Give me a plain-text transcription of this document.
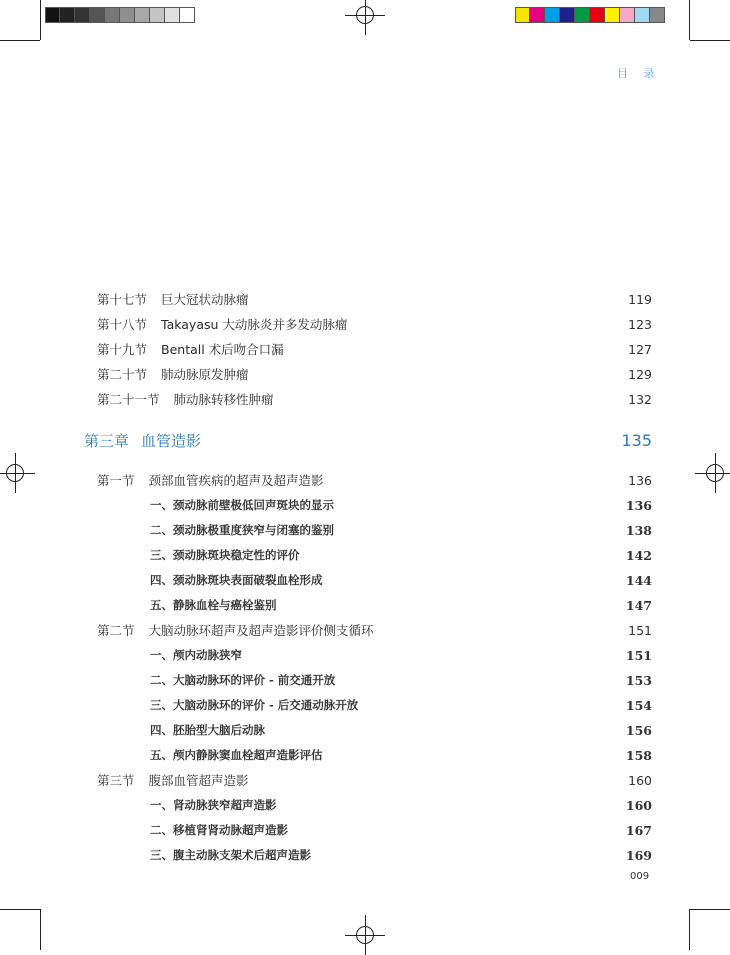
目 录
第十七节 巨大冠状动脉瘤	119
第十八节 Takayasu 大动脉炎并多发动脉瘤	123
第十九节 Bentall 术后吻合口漏	127
第二十节 肺动脉原发肿瘤	129
第二十一节 肺动脉转移性肿瘤	132
第三章 血管造影	135
第一节 颈部血管疾病的超声及超声造影	136
一、颈动脉前壁极低回声斑块的显示	136
二、颈动脉极重度狭窄与闭塞的鉴别	138
三、颈动脉斑块稳定性的评价	142
四、颈动脉斑块表面破裂血栓形成	144
五、静脉血栓与癌栓鉴别	147
第二节 大脑动脉环超声及超声造影评价侧支循环	151
一、颅内动脉狭窄	151
二、大脑动脉环的评价 - 前交通开放	153
三、大脑动脉环的评价 - 后交通动脉开放	154
四、胚胎型大脑后动脉	156
五、颅内静脉窦血栓超声造影评估	158
第三节 腹部血管超声造影	160
一、肾动脉狭窄超声造影	160
二、移植肾肾动脉超声造影	167
三、腹主动脉支架术后超声造影	169
009
